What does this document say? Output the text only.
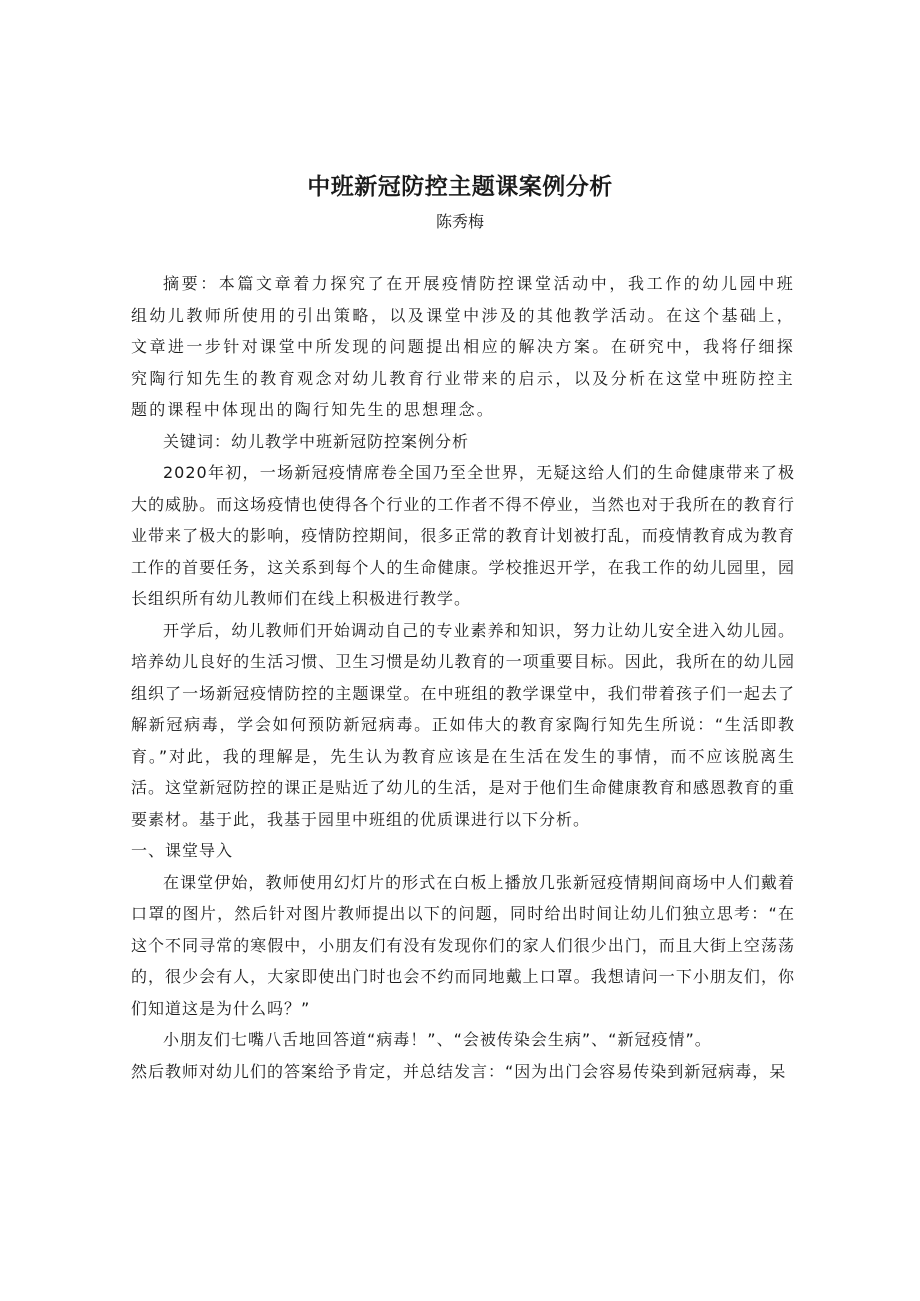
中班新冠防控主题课案例分析
陈秀梅

摘要：本篇文章着力探究了在开展疫情防控课堂活动中，我工作的幼儿园中班组幼儿教师所使用的引出策略，以及课堂中涉及的其他教学活动。在这个基础上，文章进一步针对课堂中所发现的问题提出相应的解决方案。在研究中，我将仔细探究陶行知先生的教育观念对幼儿教育行业带来的启示，以及分析在这堂中班防控主题的课程中体现出的陶行知先生的思想理念。

关键词：幼儿教学中班新冠防控案例分析

2020年初，一场新冠疫情席卷全国乃至全世界，无疑这给人们的生命健康带来了极大的威胁。而这场疫情也使得各个行业的工作者不得不停业，当然也对于我所在的教育行业带来了极大的影响，疫情防控期间，很多正常的教育计划被打乱，而疫情教育成为教育工作的首要任务，这关系到每个人的生命健康。学校推迟开学，在我工作的幼儿园里，园长组织所有幼儿教师们在线上积极进行教学。

开学后，幼儿教师们开始调动自己的专业素养和知识，努力让幼儿安全进入幼儿园。培养幼儿良好的生活习惯、卫生习惯是幼儿教育的一项重要目标。因此，我所在的幼儿园组织了一场新冠疫情防控的主题课堂。在中班组的教学课堂中，我们带着孩子们一起去了解新冠病毒，学会如何预防新冠病毒。正如伟大的教育家陶行知先生所说：“生活即教育。”对此，我的理解是，先生认为教育应该是在生活在发生的事情，而不应该脱离生活。这堂新冠防控的课正是贴近了幼儿的生活，是对于他们生命健康教育和感恩教育的重要素材。基于此，我基于园里中班组的优质课进行以下分析。

一、课堂导入

在课堂伊始，教师使用幻灯片的形式在白板上播放几张新冠疫情期间商场中人们戴着口罩的图片，然后针对图片教师提出以下的问题，同时给出时间让幼儿们独立思考：“在这个不同寻常的寒假中，小朋友们有没有发现你们的家人们很少出门，而且大街上空荡荡的，很少会有人，大家即使出门时也会不约而同地戴上口罩。我想请问一下小朋友们，你们知道这是为什么吗？”

小朋友们七嘴八舌地回答道“病毒！”、“会被传染会生病”、“新冠疫情”。

然后教师对幼儿们的答案给予肯定，并总结发言：“因为出门会容易传染到新冠病毒，呆
